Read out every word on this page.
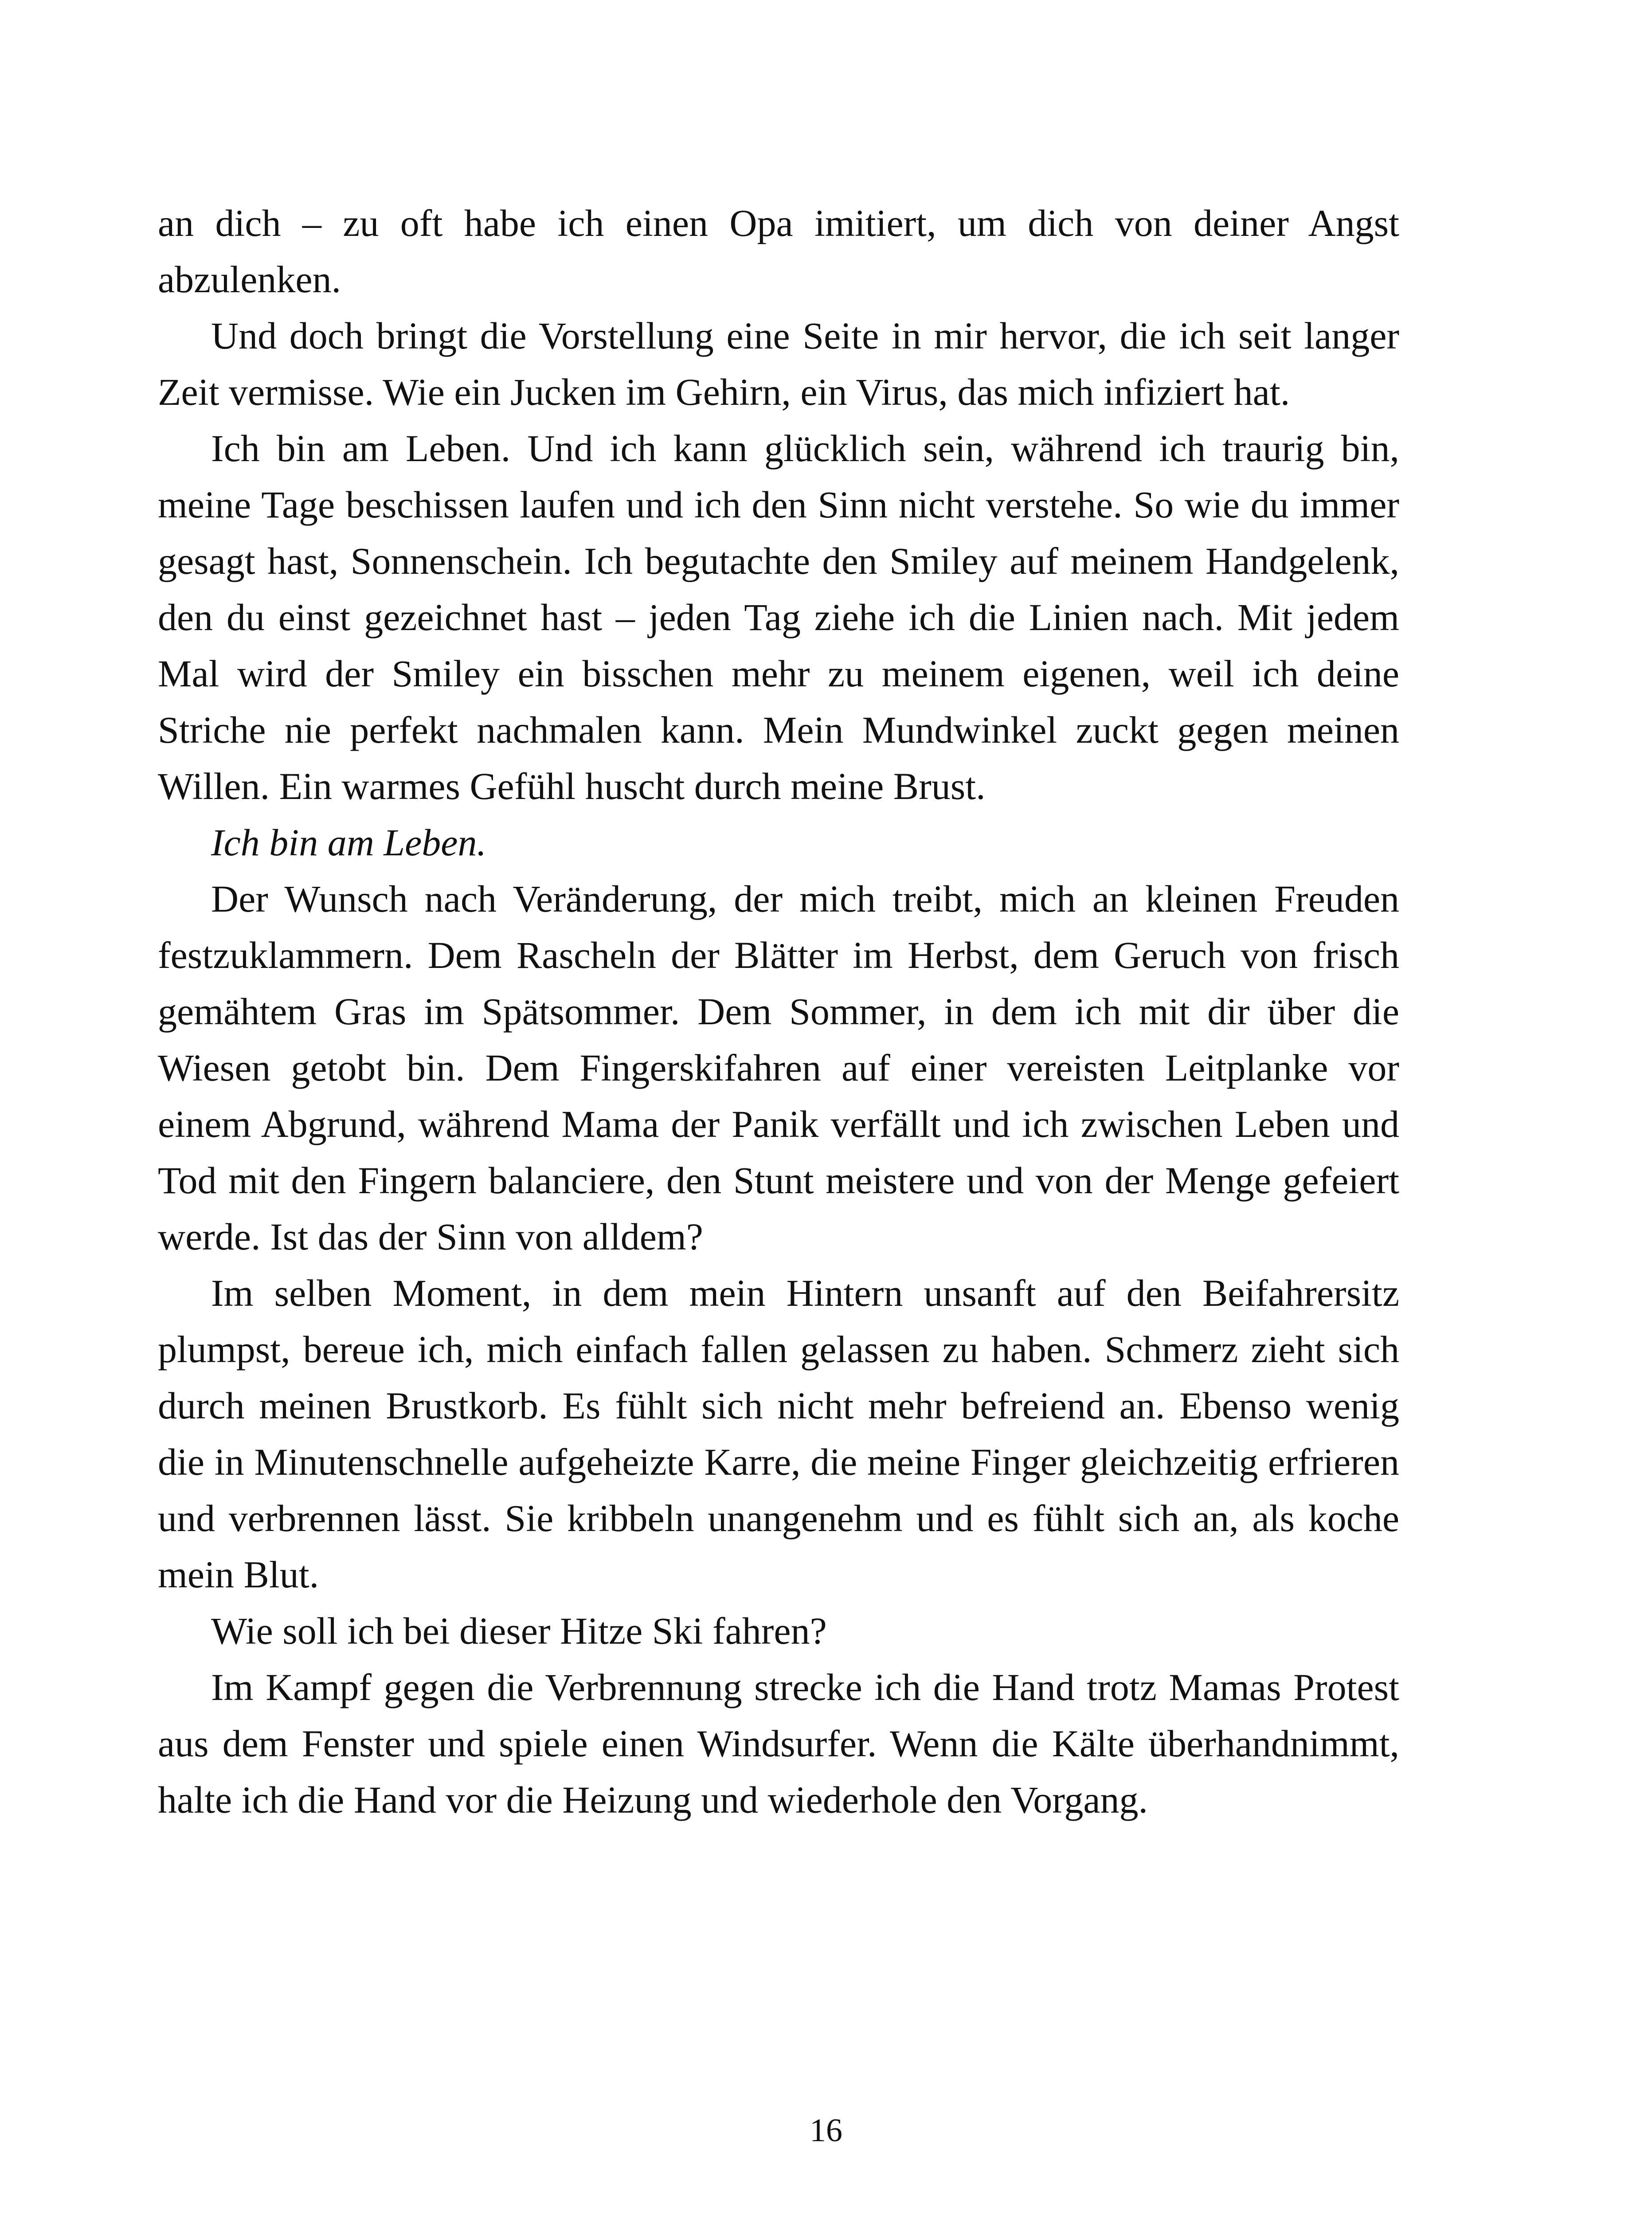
an dich – zu oft habe ich einen Opa imitiert, um dich von deiner Angst abzulenken.

Und doch bringt die Vorstellung eine Seite in mir hervor, die ich seit langer Zeit vermisse. Wie ein Jucken im Gehirn, ein Virus, das mich infiziert hat.

Ich bin am Leben. Und ich kann glücklich sein, während ich traurig bin, meine Tage beschissen laufen und ich den Sinn nicht verstehe. So wie du immer gesagt hast, Sonnenschein. Ich begutachte den Smiley auf meinem Handgelenk, den du einst gezeichnet hast – jeden Tag ziehe ich die Linien nach. Mit jedem Mal wird der Smiley ein bisschen mehr zu meinem eigenen, weil ich deine Striche nie perfekt nachmalen kann. Mein Mundwinkel zuckt gegen meinen Willen. Ein warmes Gefühl huscht durch meine Brust.

Ich bin am Leben.

Der Wunsch nach Veränderung, der mich treibt, mich an kleinen Freuden festzuklammern. Dem Rascheln der Blätter im Herbst, dem Geruch von frisch gemähtem Gras im Spätsommer. Dem Sommer, in dem ich mit dir über die Wiesen getobt bin. Dem Fingerskifahren auf einer vereisten Leitplanke vor einem Abgrund, während Mama der Panik verfällt und ich zwischen Leben und Tod mit den Fingern balanciere, den Stunt meistere und von der Menge gefeiert werde. Ist das der Sinn von alldem?

Im selben Moment, in dem mein Hintern unsanft auf den Beifahrersitz plumpst, bereue ich, mich einfach fallen gelassen zu haben. Schmerz zieht sich durch meinen Brustkorb. Es fühlt sich nicht mehr befreiend an. Ebenso wenig die in Minutenschnelle aufgeheizte Karre, die meine Finger gleichzeitig erfrieren und verbrennen lässt. Sie kribbeln unangenehm und es fühlt sich an, als koche mein Blut.

Wie soll ich bei dieser Hitze Ski fahren?

Im Kampf gegen die Verbrennung strecke ich die Hand trotz Mamas Protest aus dem Fenster und spiele einen Windsurfer. Wenn die Kälte überhandnimmt, halte ich die Hand vor die Heizung und wiederhole den Vorgang.

16
